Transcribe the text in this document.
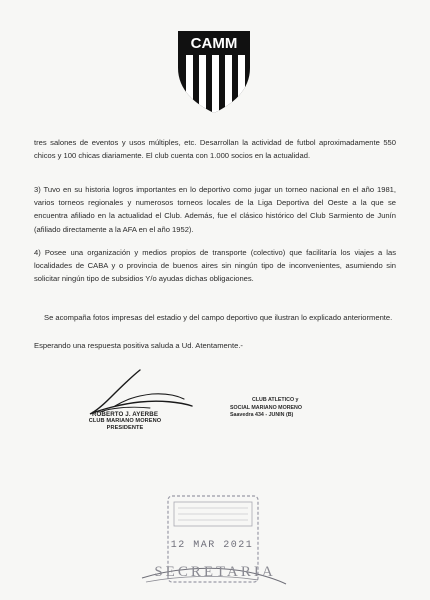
CAMM
tres salones de eventos y usos múltiples, etc. Desarrollan la actividad de futbol aproximadamente 550 chicos y 100 chicas diariamente. El club cuenta con 1.000 socios en la actualidad.
3) Tuvo en su historia logros importantes en lo deportivo como jugar un torneo nacional en el año 1981, varios torneos regionales y numerosos torneos locales de la Liga Deportiva del Oeste a la que se encuentra afiliado en la actualidad el Club. Además, fue el clásico histórico del Club Sarmiento de Junín (afiliado directamente a la AFA en el año 1952).
4) Posee una organización y medios propios de transporte (colectivo) que facilitaría los viajes a las localidades de CABA y o provincia de buenos aires sin ningún tipo de inconvenientes, asumiendo sin solicitar ningún tipo de subsidios Y/o ayudas dichas obligaciones.
Se acompaña fotos impresas del estadio y del campo deportivo que ilustran lo explicado anteriormente.
Esperando una respuesta positiva saluda a Ud. Atentamente.-
ROBERTO J. AYERBE
CLUB MARIANO MORENO
PRESIDENTE
CLUB ATLETICO y
SOCIAL MARIANO MORENO
Saavedra 434 - JUNIN (B)
12 MAR 2021
SECRETARIA
